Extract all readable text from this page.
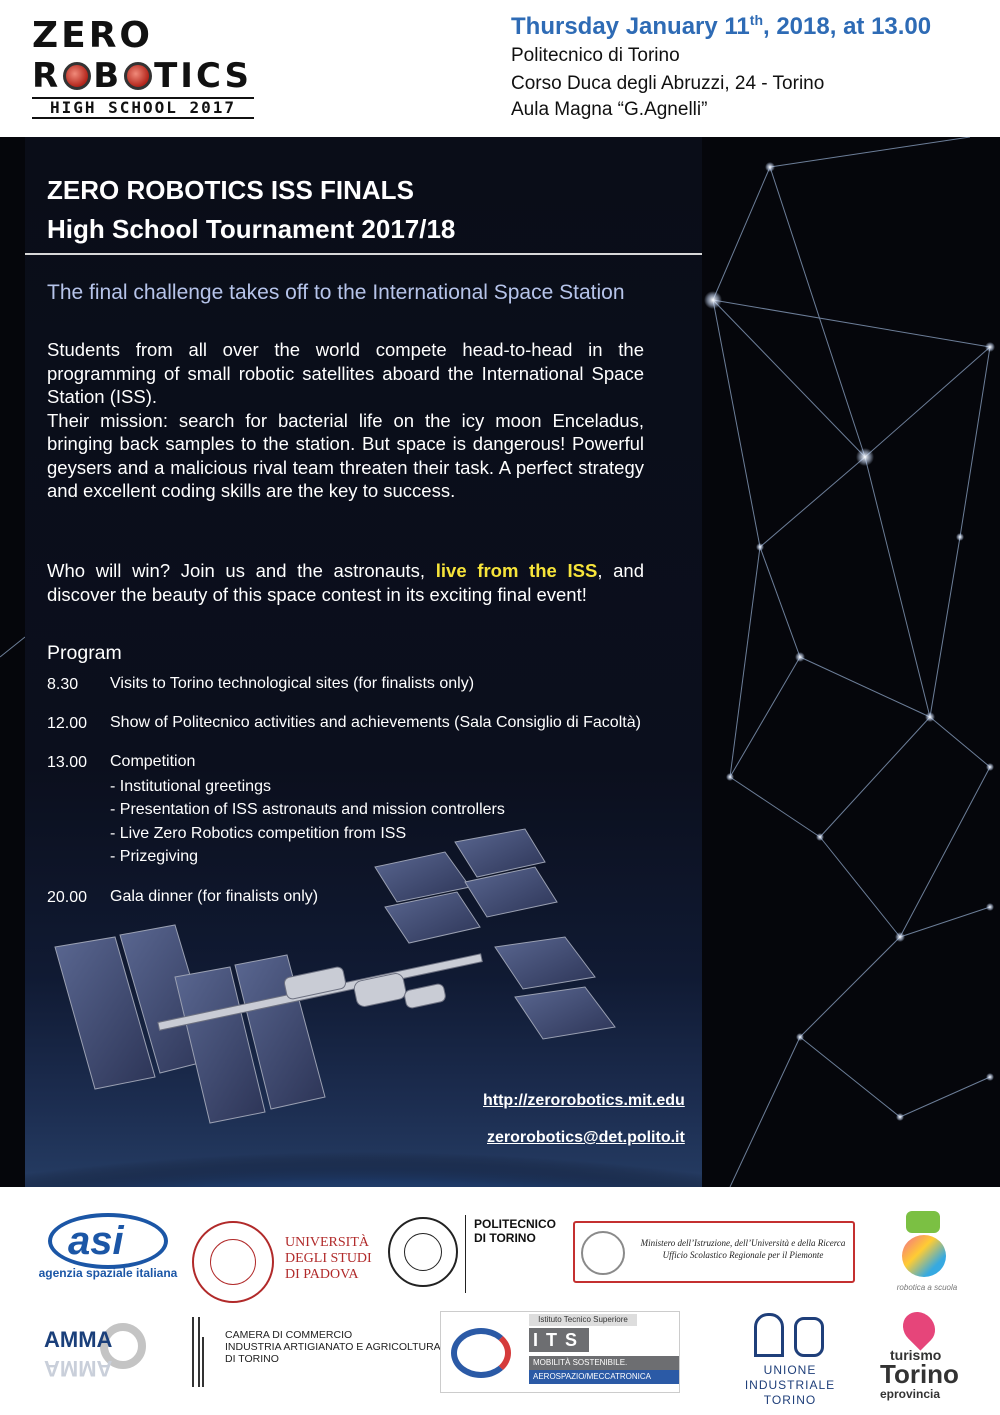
ZERO
R B TICS
HIGH SCHOOL 2017
Thursday January 11th, 2018, at 13.00
Politecnico di Torino
Corso Duca degli Abruzzi, 24 - Torino
Aula Magna “G.Agnelli”
ZERO ROBOTICS ISS FINALS
High School Tournament 2017/18
The final challenge takes off to the International Space Station
Students from all over the world compete head-to-head in the programming of small robotic satellites aboard the International Space Station (ISS).
Their mission: search for bacterial life on the icy moon Enceladus, bringing back samples to the station. But space is dangerous! Powerful geysers and a malicious rival team threaten their task. A perfect strategy and excellent coding skills are the key to success.
Who will win? Join us and the astronauts, live from the ISS, and discover the beauty of this space contest in its exciting final event!
Program
8.30 Visits to Torino technological sites (for finalists only)
12.00 Show of Politecnico activities and achievements (Sala Consiglio di Facoltà)
13.00 Competition
- Institutional greetings
- Presentation of ISS astronauts and mission controllers
- Live Zero Robotics competition from ISS
- Prizegiving
20.00 Gala dinner (for finalists only)
http://zerorobotics.mit.edu
zerorobotics@det.polito.it
asi
agenzia spaziale italiana
UNIVERSITÀ
DEGLI STUDI
DI PADOVA
POLITECNICO
DI TORINO	Ministero dell’Istruzione, dell’Università e della Ricerca
Ufficio Scolastico Regionale per il Piemonte
robotica a scuola
AMMA
AMMA
CAMERA DI COMMERCIO
INDUSTRIA ARTIGIANATO E AGRICOLTURA
DI TORINO
Istituto Tecnico Superiore
ITS
MOBILITÀ SOSTENIBILE.
AEROSPAZIO/MECCATRONICA	UNIONE INDUSTRIALE
TORINO
turismo
Torino
eprovincia
